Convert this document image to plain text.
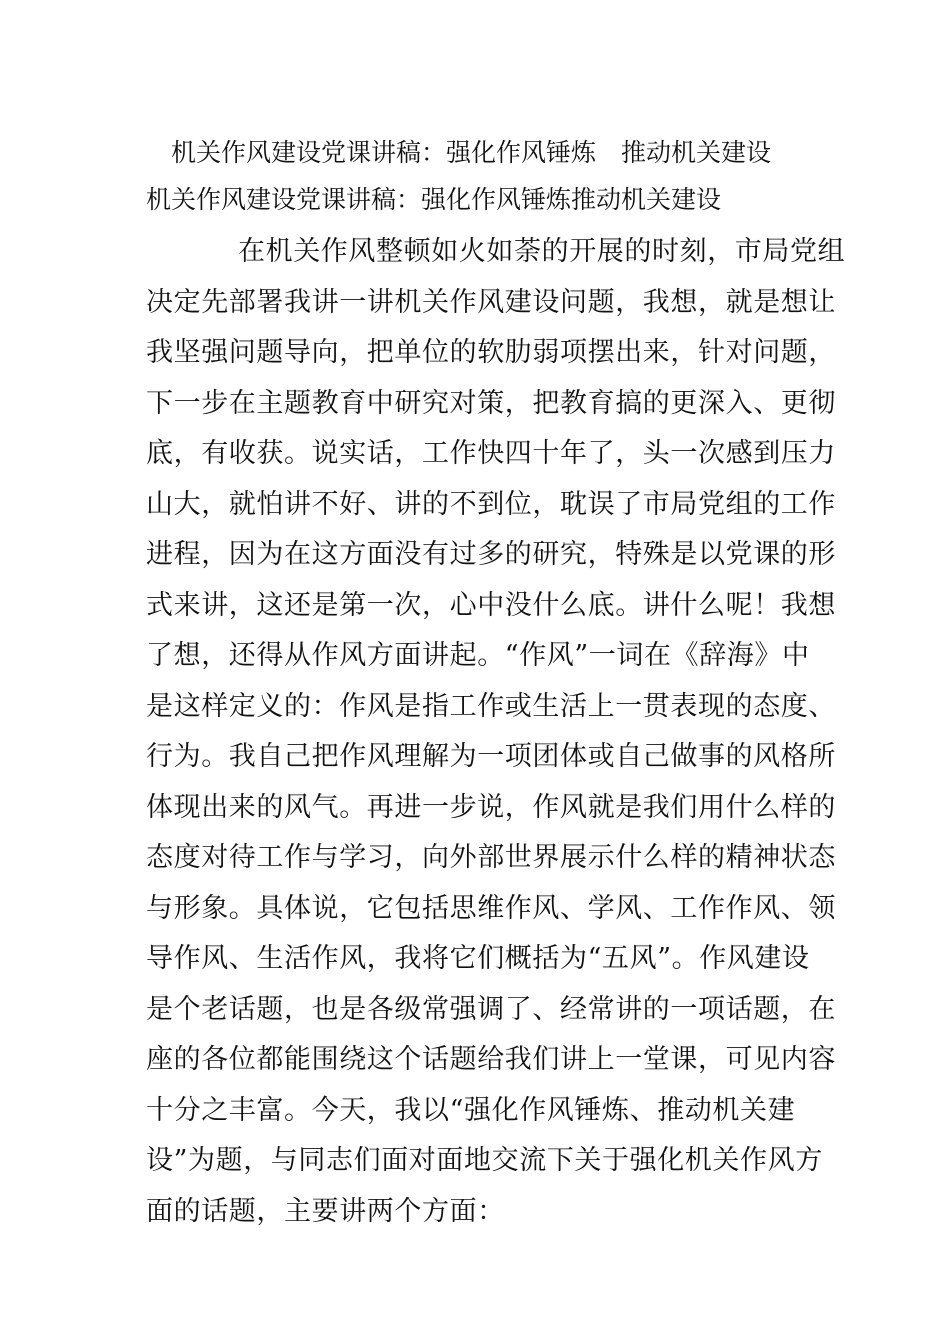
机关作风建设党课讲稿：强化作风锤炼　推动机关建设
机关作风建设党课讲稿：强化作风锤炼推动机关建设
在机关作风整顿如火如荼的开展的时刻，市局党组
决定先部署我讲一讲机关作风建设问题，我想，就是想让
我坚强问题导向，把单位的软肋弱项摆出来，针对问题，
下一步在主题教育中研究对策，把教育搞的更深入、更彻
底，有收获。说实话，工作快四十年了，头一次感到压力
山大，就怕讲不好、讲的不到位，耽误了市局党组的工作
进程，因为在这方面没有过多的研究，特殊是以党课的形
式来讲，这还是第一次，心中没什么底。讲什么呢！我想
了想，还得从作风方面讲起。“作风”一词在《辞海》中
是这样定义的：作风是指工作或生活上一贯表现的态度、
行为。我自己把作风理解为一项团体或自己做事的风格所
体现出来的风气。再进一步说，作风就是我们用什么样的
态度对待工作与学习，向外部世界展示什么样的精神状态
与形象。具体说，它包括思维作风、学风、工作作风、领
导作风、生活作风，我将它们概括为“五风”。作风建设
是个老话题，也是各级常强调了、经常讲的一项话题，在
座的各位都能围绕这个话题给我们讲上一堂课，可见内容
十分之丰富。今天，我以“强化作风锤炼、推动机关建
设”为题，与同志们面对面地交流下关于强化机关作风方
面的话题，主要讲两个方面：
